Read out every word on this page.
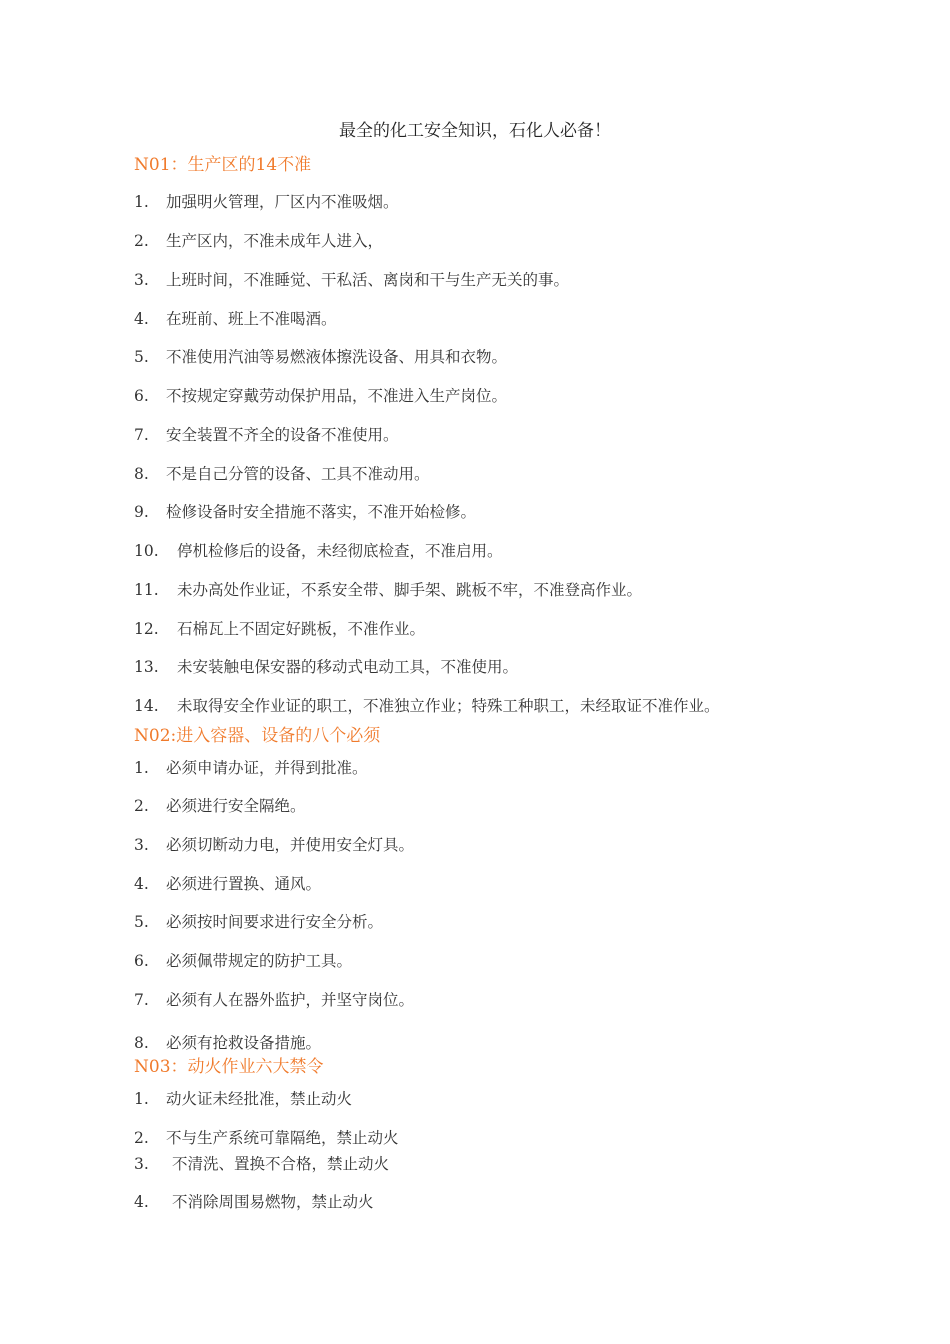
最全的化工安全知识，石化人必备！
N01：生产区的14不准
1. 加强明火管理，厂区内不准吸烟。
2. 生产区内，不准未成年人进入，
3. 上班时间，不准睡觉、干私活、离岗和干与生产无关的事。
4. 在班前、班上不准喝酒。
5. 不准使用汽油等易燃液体擦洗设备、用具和衣物。
6. 不按规定穿戴劳动保护用品，不准进入生产岗位。
7. 安全装置不齐全的设备不准使用。
8. 不是自己分管的设备、工具不准动用。
9. 检修设备时安全措施不落实，不准开始检修。
10. 停机检修后的设备，未经彻底检查，不准启用。
11. 未办高处作业证，不系安全带、脚手架、跳板不牢，不准登高作业。
12. 石棉瓦上不固定好跳板，不准作业。
13. 未安装触电保安器的移动式电动工具，不准使用。
14. 未取得安全作业证的职工，不准独立作业；特殊工种职工，未经取证不准作业。
N02:进入容器、设备的八个必须
1. 必须申请办证，并得到批准。
2. 必须进行安全隔绝。
3. 必须切断动力电，并使用安全灯具。
4. 必须进行置换、通风。
5. 必须按时间要求进行安全分析。
6. 必须佩带规定的防护工具。
7. 必须有人在器外监护，并坚守岗位。
8. 必须有抢救设备措施。
N03：动火作业六大禁令
1. 动火证未经批准，禁止动火
2. 不与生产系统可靠隔绝，禁止动火
3. 不清洗、置换不合格，禁止动火
4. 不消除周围易燃物，禁止动火
